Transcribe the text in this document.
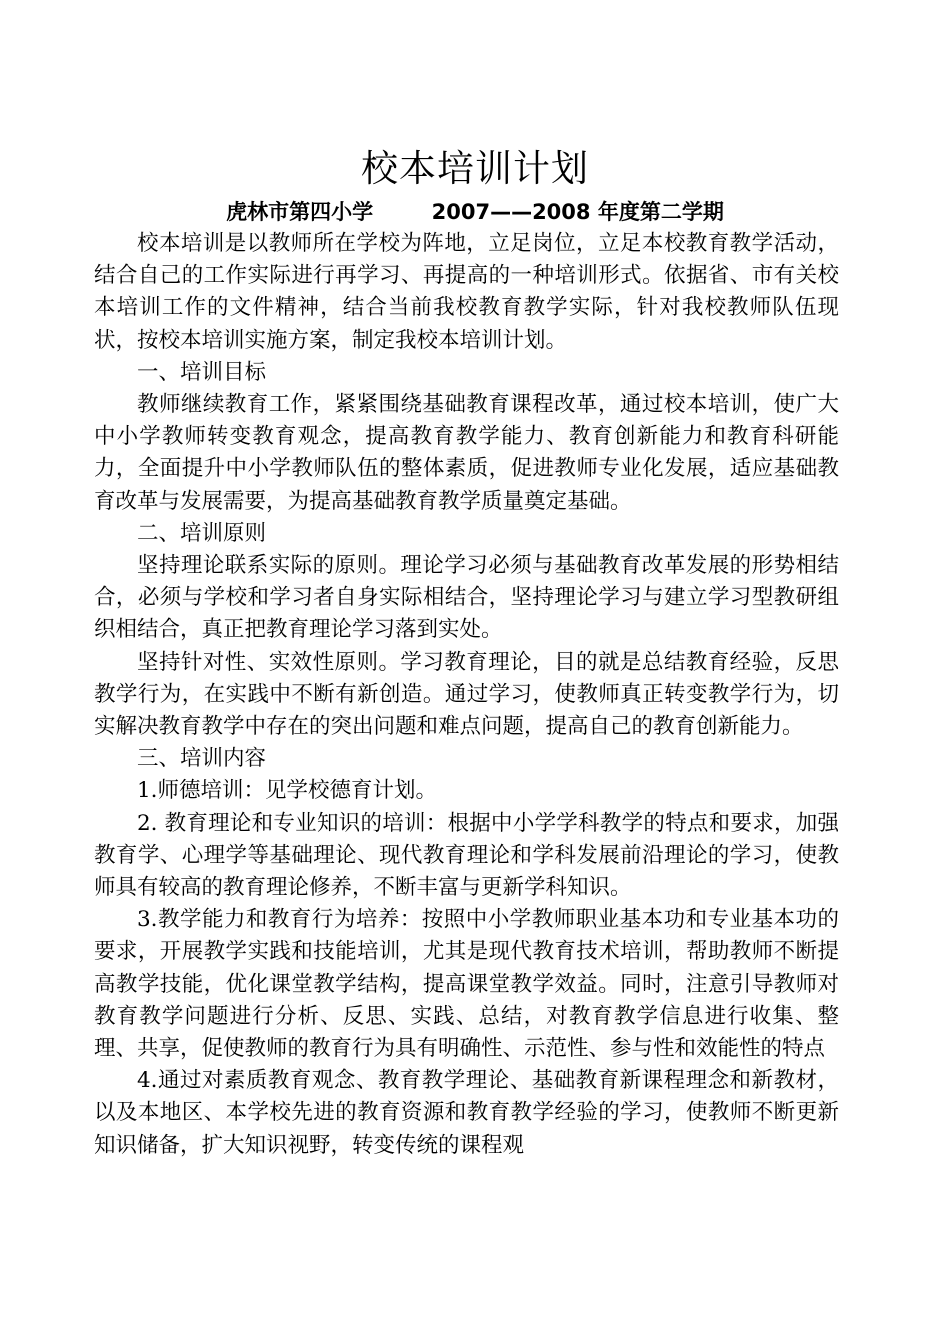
校本培训计划
虎林市第四小学        2007——2008 年度第二学期

校本培训是以教师所在学校为阵地，立足岗位，立足本校教育教学活动，结合自己的工作实际进行再学习、再提高的一种培训形式。依据省、市有关校本培训工作的文件精神，结合当前我校教育教学实际，针对我校教师队伍现状，按校本培训实施方案，制定我校本培训计划。

一、培训目标

教师继续教育工作，紧紧围绕基础教育课程改革，通过校本培训，使广大中小学教师转变教育观念，提高教育教学能力、教育创新能力和教育科研能力，全面提升中小学教师队伍的整体素质，促进教师专业化发展，适应基础教育改革与发展需要，为提高基础教育教学质量奠定基础。

二、培训原则

坚持理论联系实际的原则。理论学习必须与基础教育改革发展的形势相结合，必须与学校和学习者自身实际相结合，坚持理论学习与建立学习型教研组织相结合，真正把教育理论学习落到实处。

坚持针对性、实效性原则。学习教育理论，目的就是总结教育经验，反思教学行为，在实践中不断有新创造。通过学习，使教师真正转变教学行为，切实解决教育教学中存在的突出问题和难点问题，提高自己的教育创新能力。

三、培训内容

1.师德培训：见学校德育计划。

2. 教育理论和专业知识的培训：根据中小学学科教学的特点和要求，加强教育学、心理学等基础理论、现代教育理论和学科发展前沿理论的学习，使教师具有较高的教育理论修养，不断丰富与更新学科知识。

3.教学能力和教育行为培养：按照中小学教师职业基本功和专业基本功的要求，开展教学实践和技能培训，尤其是现代教育技术培训，帮助教师不断提高教学技能，优化课堂教学结构，提高课堂教学效益。同时，注意引导教师对教育教学问题进行分析、反思、实践、总结，对教育教学信息进行收集、整理、共享，促使教师的教育行为具有明确性、示范性、参与性和效能性的特点

4.通过对素质教育观念、教育教学理论、基础教育新课程理念和新教材，以及本地区、本学校先进的教育资源和教育教学经验的学习，使教师不断更新知识储备，扩大知识视野，转变传统的课程观
